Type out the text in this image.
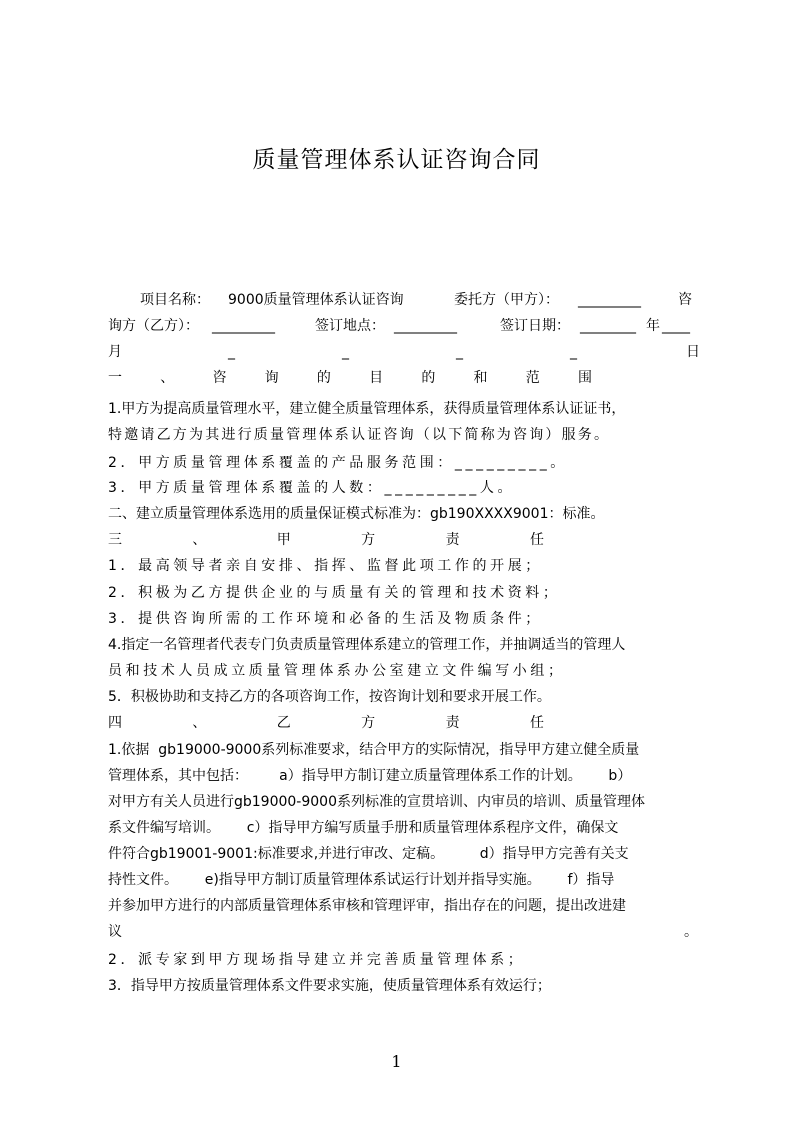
质量管理体系认证咨询合同
项目名称： 9000质量管理体系认证咨询	委托方（甲方）： _________	咨
询方（乙方）： _________	签订地点： _________	签订日期： ________ 年 ____
月	_	_	_	_	日
一	、	咨	询	的	目	的	和	范	围
1.甲方为提高质量管理水平，建立健全质量管理体系，获得质量管理体系认证证书，
特邀请乙方为其进行质量管理体系认证咨询（以下简称为咨询）服务。
2．甲方质量管理体系覆盖的产品服务范围：_________。
3．甲方质量管理体系覆盖的人数：_________人。
二、建立质量管理体系选用的质量保证模式标准为：gb190XXXX9001：标准。
三	、	甲	方	责	任
1．最高领导者亲自安排、指挥、监督此项工作的开展；
2．积极为乙方提供企业的与质量有关的管理和技术资料；
3．提供咨询所需的工作环境和必备的生活及物质条件；
4.指定一名管理者代表专门负责质量管理体系建立的管理工作，并抽调适当的管理人
员和技术人员成立质量管理体系办公室建立文件编写小组；
5．积极协助和支持乙方的各项咨询工作，按咨询计划和要求开展工作。
四	、	乙	方	责	任
1.依据  gb19000-9000系列标准要求，结合甲方的实际情况，指导甲方建立健全质量
管理体系，其中包括：       a）指导甲方制订建立质量管理体系工作的计划。      b）
对甲方有关人员进行gb19000-9000系列标准的宣贯培训、内审员的培训、质量管理体
系文件编写培训。      c）指导甲方编写质量手册和质量管理体系程序文件，确保文
件符合gb19001-9001:标准要求,并进行审改、定稿。        d）指导甲方完善有关支
持性文件。      e)指导甲方制订质量管理体系试运行计划并指导实施。      f）指导
并参加甲方进行的内部质量管理体系审核和管理评审，指出存在的问题，提出改进建
议	。
2．派专家到甲方现场指导建立并完善质量管理体系；
3．指导甲方按质量管理体系文件要求实施，使质量管理体系有效运行；
1
